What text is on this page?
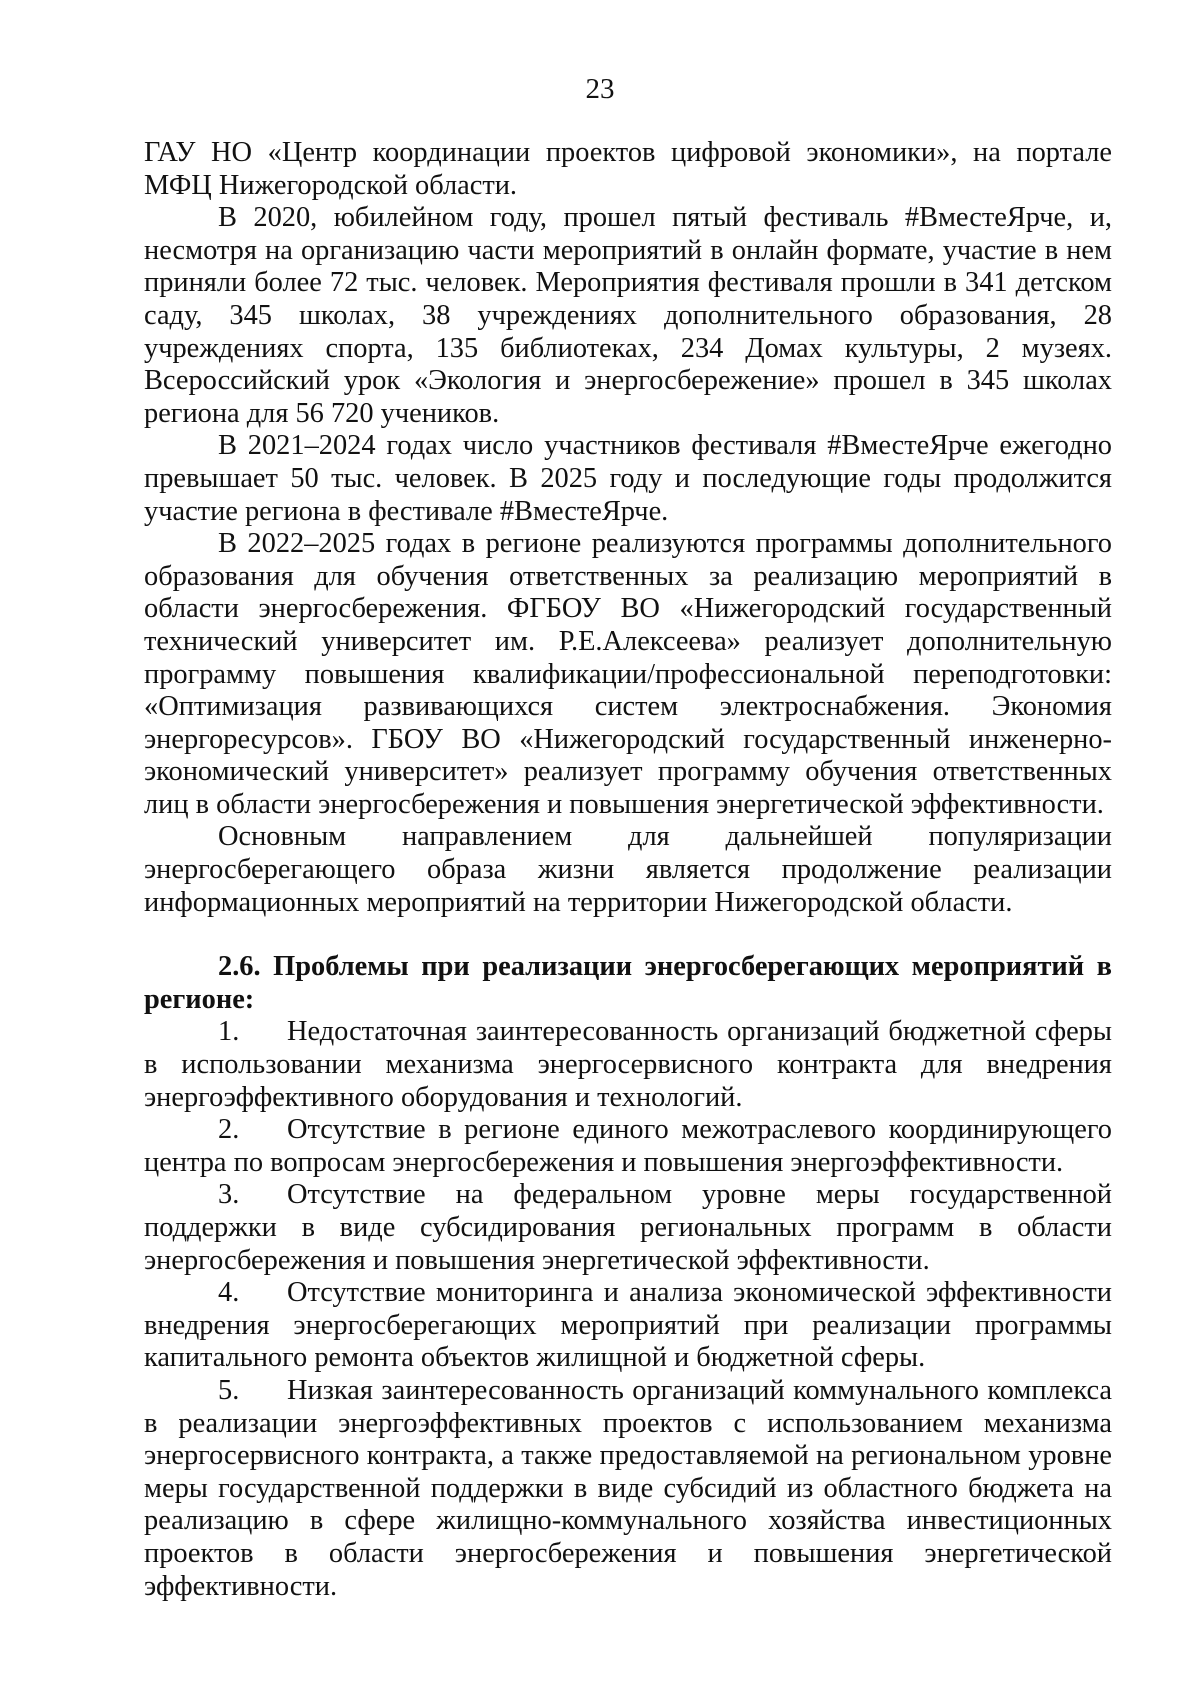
23

ГАУ НО «Центр координации проектов цифровой экономики», на портале МФЦ Нижегородской области.

В 2020, юбилейном году, прошел пятый фестиваль #ВместеЯрче, и, несмотря на организацию части мероприятий в онлайн формате, участие в нем приняли более 72 тыс. человек. Мероприятия фестиваля прошли в 341 детском саду, 345 школах, 38 учреждениях дополнительного образования, 28 учреждениях спорта, 135 библиотеках, 234 Домах культуры, 2 музеях. Всероссийский урок «Экология и энергосбережение» прошел в 345 школах региона для 56 720 учеников.

В 2021–2024 годах число участников фестиваля #ВместеЯрче ежегодно превышает 50 тыс. человек. В 2025 году и последующие годы продолжится участие региона в фестивале #ВместеЯрче.

В 2022–2025 годах в регионе реализуются программы дополнительного образования для обучения ответственных за реализацию мероприятий в области энергосбережения. ФГБОУ ВО «Нижегородский государственный технический университет им. Р.Е.Алексеева» реализует дополнительную программу повышения квалификации/профессиональной переподготовки: «Оптимизация развивающихся систем электроснабжения. Экономия энергоресурсов». ГБОУ ВО «Нижегородский государственный инженерно-экономический университет» реализует программу обучения ответственных лиц в области энергосбережения и повышения энергетической эффективности.

Основным направлением для дальнейшей популяризации энергосберегающего образа жизни является продолжение реализации информационных мероприятий на территории Нижегородской области.

2.6. Проблемы при реализации энергосберегающих мероприятий в регионе:

1. Недостаточная заинтересованность организаций бюджетной сферы в использовании механизма энергосервисного контракта для внедрения энергоэффективного оборудования и технологий.

2. Отсутствие в регионе единого межотраслевого координирующего центра по вопросам энергосбережения и повышения энергоэффективности.

3. Отсутствие на федеральном уровне меры государственной поддержки в виде субсидирования региональных программ в области энергосбережения и повышения энергетической эффективности.

4. Отсутствие мониторинга и анализа экономической эффективности внедрения энергосберегающих мероприятий при реализации программы капитального ремонта объектов жилищной и бюджетной сферы.

5. Низкая заинтересованность организаций коммунального комплекса в реализации энергоэффективных проектов с использованием механизма энергосервисного контракта, а также предоставляемой на региональном уровне меры государственной поддержки в виде субсидий из областного бюджета на реализацию в сфере жилищно-коммунального хозяйства инвестиционных проектов в области энергосбережения и повышения энергетической эффективности.
